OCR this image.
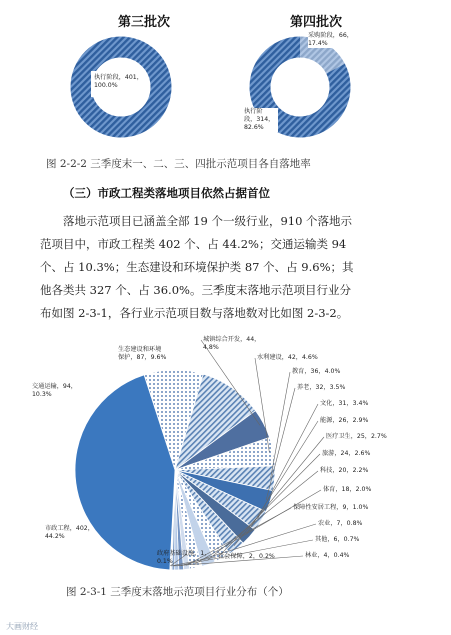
第三批次	第四批次
执行阶段，401，
100.0%
采购阶段，66，
17.4%
执行阶
段，314，
82.6%
图 2-2-2 三季度末一、二、三、四批示范项目各自落地率
（三）市政工程类落地项目依然占据首位
落地示范项目已涵盖全部 19 个一级行业，910 个落地示
范项目中，市政工程类 402 个、占 44.2%；交通运输类 94
个、占 10.3%；生态建设和环境保护类 87 个、占 9.6%；其
他各类共 327 个、占 36.0%。三季度末落地示范项目行业分
布如图 2-3-1，各行业示范项目数与落地数对比如图 2-3-2。
市政工程，402，
44.2%
交通运输，94，
10.3%
生态建设和环境
保护，87，9.6%
城镇综合开发，44，
4.8%
水利建设，42，4.6%
教育，36，4.0%
养老，32，3.5%
文化，31，3.4%
能源，26，2.9%
医疗卫生，25，2.7%
旅游，24，2.6%
科技，20，2.2%
体育，18，2.0%
保障性安居工程，9，1.0%
农业，7，0.8%
其他，6，0.7%
林业，4，0.4%
社会保障，2，0.2%
政府基础设施，1，
0.1%
图 2-3-1 三季度末落地示范项目行业分布（个）
大画财经
